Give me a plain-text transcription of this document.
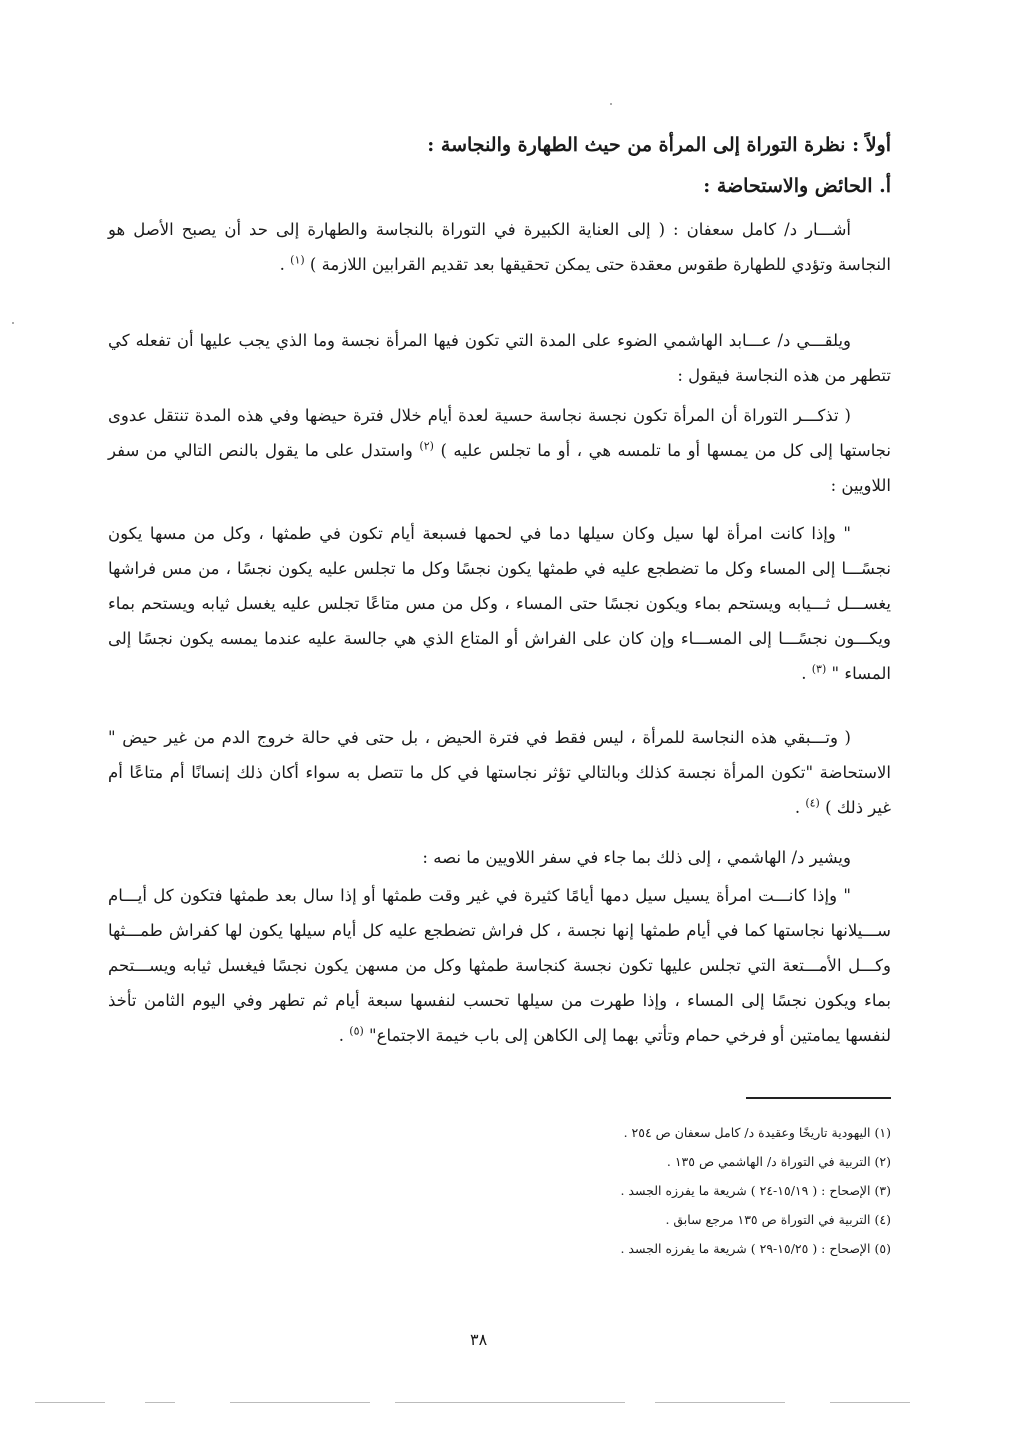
أولاً : نظرة التوراة إلى المرأة من حيث الطهارة والنجاسة :
أ. الحائض والاستحاضة :
أشـــار د/ كامل سعفان : ( إلى العناية الكبيرة في التوراة بالنجاسة والطهارة إلى حد أن يصبح الأصل هو النجاسة وتؤدي للطهارة طقوس معقدة حتى يمكن تحقيقها بعد تقديم القرابين اللازمة ) $^{(١)}$ .
ويلقـــي د/ عـــابد الهاشمي الضوء على المدة التي تكون فيها المرأة نجسة وما الذي يجب عليها أن تفعله كي تتطهر من هذه النجاسة فيقول :
( تذكـــر التوراة أن المرأة تكون نجسة نجاسة حسية لعدة أيام خلال فترة حيضها وفي هذه المدة تنتقل عدوى نجاستها إلى كل من يمسها أو ما تلمسه هي ، أو ما تجلس عليه ) $^{(٢)}$ واستدل على ما يقول بالنص التالي من سفر اللاويين :
" وإذا كانت امرأة لها سيل وكان سيلها دما في لحمها فسبعة أيام تكون في طمثها ، وكل من مسها يكون نجسًـــا إلى المساء وكل ما تضطجع عليه في طمثها يكون نجسًا وكل ما تجلس عليه يكون نجسًا ، من مس فراشها يغســـل ثـــيابه ويستحم بماء ويكون نجسًا حتى المساء ، وكل من مس متاعًا تجلس عليه يغسل ثيابه ويستحم بماء ويكـــون نجسًـــا إلى المســـاء وإن كان على الفراش أو المتاع الذي هي جالسة عليه عندما يمسه يكون نجسًا إلى المساء " $^{(٣)}$ .
( وتـــبقي هذه النجاسة للمرأة ، ليس فقط في فترة الحيض ، بل حتى في حالة خروج الدم من غير حيض " الاستحاضة "تكون المرأة نجسة كذلك وبالتالي تؤثر نجاستها في كل ما تتصل به سواء أكان ذلك إنسانًا أم متاعًا أم غير ذلك ) $^{(٤)}$ .
ويشير د/ الهاشمي ، إلى ذلك بما جاء في سفر اللاويين ما نصه :
" وإذا كانـــت امرأة يسيل سيل دمها أيامًا كثيرة في غير وقت طمثها أو إذا سال بعد طمثها فتكون كل أيـــام ســـيلانها نجاستها كما في أيام طمثها إنها نجسة ، كل فراش تضطجع عليه كل أيام سيلها يكون لها كفراش طمـــثها وكـــل الأمـــتعة التي تجلس عليها تكون نجسة كنجاسة طمثها وكل من مسهن يكون نجسًا فيغسل ثيابه ويســـتحم بماء ويكون نجسًا إلى المساء ، وإذا طهرت من سيلها تحسب لنفسها سبعة أيام ثم تطهر وفي اليوم الثامن تأخذ لنفسها يمامتين أو فرخي حمام وتأتي بهما إلى الكاهن إلى باب خيمة الاجتماع" $^{(٥)}$ .
(١) اليهودية تاريخًا وعقيدة د/ كامل سعفان ص ٢٥٤ .
(٢) التربية في التوراة د/ الهاشمي ص ١٣٥ .
(٣) الإصحاح : ( ١٥/١٩-٢٤ ) شريعة ما يفرزه الجسد .
(٤) التربية في التوراة ص ١٣٥ مرجع سابق .
(٥) الإصحاح : ( ١٥/٢٥-٢٩ ) شريعة ما يفرزه الجسد .
٣٨
